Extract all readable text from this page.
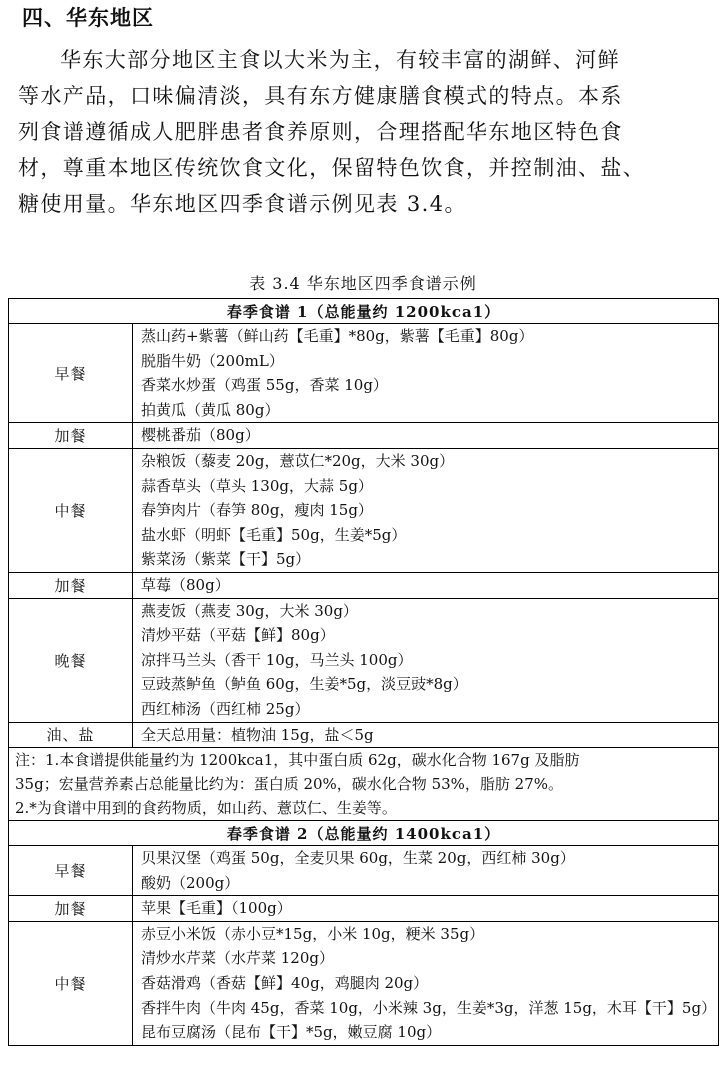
四、华东地区

华东大部分地区主食以大米为主，有较丰富的湖鲜、河鲜
等水产品，口味偏清淡，具有东方健康膳食模式的特点。本系
列食谱遵循成人肥胖患者食养原则，合理搭配华东地区特色食
材，尊重本地区传统饮食文化，保留特色饮食，并控制油、盐、
糖使用量。华东地区四季食谱示例见表 3.4。

表 3.4 华东地区四季食谱示例

春季食谱 1（总能量约 1200kca1）	
早餐	蒸山药+紫薯（鲜山药【毛重】*80g，紫薯【毛重】80g）
脱脂牛奶（200mL）
香菜水炒蛋（鸡蛋 55g，香菜 10g）
拍黄瓜（黄瓜 80g）

加餐	樱桃番茄（80g）

中餐	杂粮饭（藜麦 20g，薏苡仁*20g，大米 30g）
蒜香草头（草头 130g，大蒜 5g）
春笋肉片（春笋 80g，瘦肉 15g）
盐水虾（明虾【毛重】50g，生姜*5g）
紫菜汤（紫菜【干】5g）

加餐	草莓（80g）

晚餐	燕麦饭（燕麦 30g，大米 30g）
清炒平菇（平菇【鲜】80g）
凉拌马兰头（香干 10g，马兰头 100g）
豆豉蒸鲈鱼（鲈鱼 60g，生姜*5g，淡豆豉*8g）
西红柿汤（西红柿 25g）

油、盐	全天总用量：植物油 15g，盐＜5g

注：1.本食谱提供能量约为 1200kca1，其中蛋白质 62g，碳水化合物 167g 及脂肪
35g；宏量营养素占总能量比约为：蛋白质 20%，碳水化合物 53%，脂肪 27%。
2.*为食谱中用到的食药物质，如山药、薏苡仁、生姜等。	

春季食谱 2（总能量约 1400kca1）	
早餐	贝果汉堡（鸡蛋 50g，全麦贝果 60g，生菜 20g，西红柿 30g）
酸奶（200g）

加餐	苹果【毛重】（100g）

中餐	赤豆小米饭（赤小豆*15g，小米 10g，粳米 35g）
清炒水芹菜（水芹菜 120g）
香菇滑鸡（香菇【鲜】40g，鸡腿肉 20g）
香拌牛肉（牛肉 45g，香菜 10g，小米辣 3g，生姜*3g，洋葱 15g，木耳【干】5g）
昆布豆腐汤（昆布【干】*5g，嫩豆腐 10g）
